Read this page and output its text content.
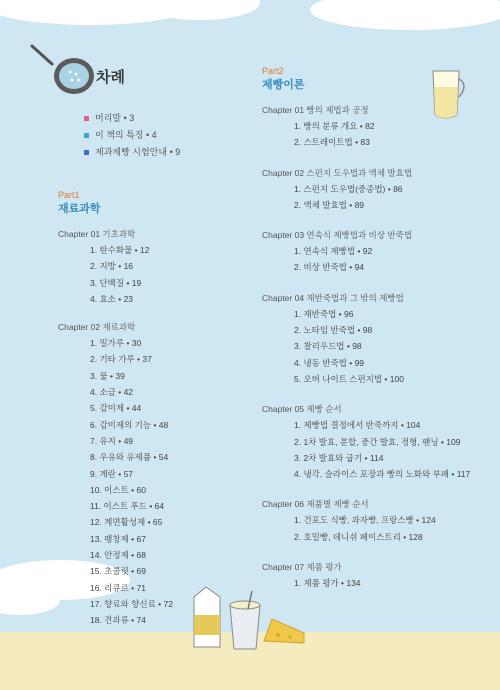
차례
머리말 • 3
이 책의 특징 • 4
제과제빵 시험안내 • 9
Part1
재료과학
Chapter 01 기초과학
1. 탄수화물 • 12
2. 지방 • 16
3. 단백질 • 19
4. 효소 • 23
Chapter 02 재료과학
1. 밀가루 • 30
2. 기타 가루 • 37
3. 물 • 39
4. 소금 • 42
5. 감미제 • 44
6. 감미제의 기능 • 48
7. 유지 • 49
8. 우유와 유제품 • 54
9. 계란 • 57
10. 이스트 • 60
11. 이스트 푸드 • 64
12. 계면활성제 • 65
13. 팽창제 • 67
14. 안정제 • 68
15. 초콜릿 • 69
16. 리큐르 • 71
17. 향료와 향신료 • 72
18. 견과류 • 74
Part2
제빵이론
Chapter 01 빵의 제법과 공정
1. 빵의 분류 개요 • 82
2. 스트레이트법 • 83
Chapter 02 스펀지 도우법과 액체 발효법
1. 스펀지 도우법(중종법) • 86
2. 액체 발효법 • 89
Chapter 03 연속식 제빵법과 비상 반죽법
1. 연속식 제빵법 • 92
2. 비상 반죽법 • 94
Chapter 04 재반죽법과 그 밖의 제빵법
1. 재반죽법 • 96
2. 노타임 반죽법 • 98
3. 찰리우드법 • 98
4. 냉동 반죽법 • 99
5. 오버 나이트 스펀지법 • 100
Chapter 05 제빵 순서
1. 제빵법 결정에서 반죽까지 • 104
2. 1차 발효, 분할, 중간 발효, 정형, 팬닝 • 109
3. 2차 발효와 굽기 • 114
4. 냉각, 슬라이스 포장과 빵의 노화와 부패 • 117
Chapter 06 제품별 제빵 순서
1. 건포도 식빵, 과자빵, 프랑스빵 • 124
2. 호밀빵, 데니쉬 페이스트리 • 128
Chapter 07 제품 평가
1. 제품 평가 • 134
